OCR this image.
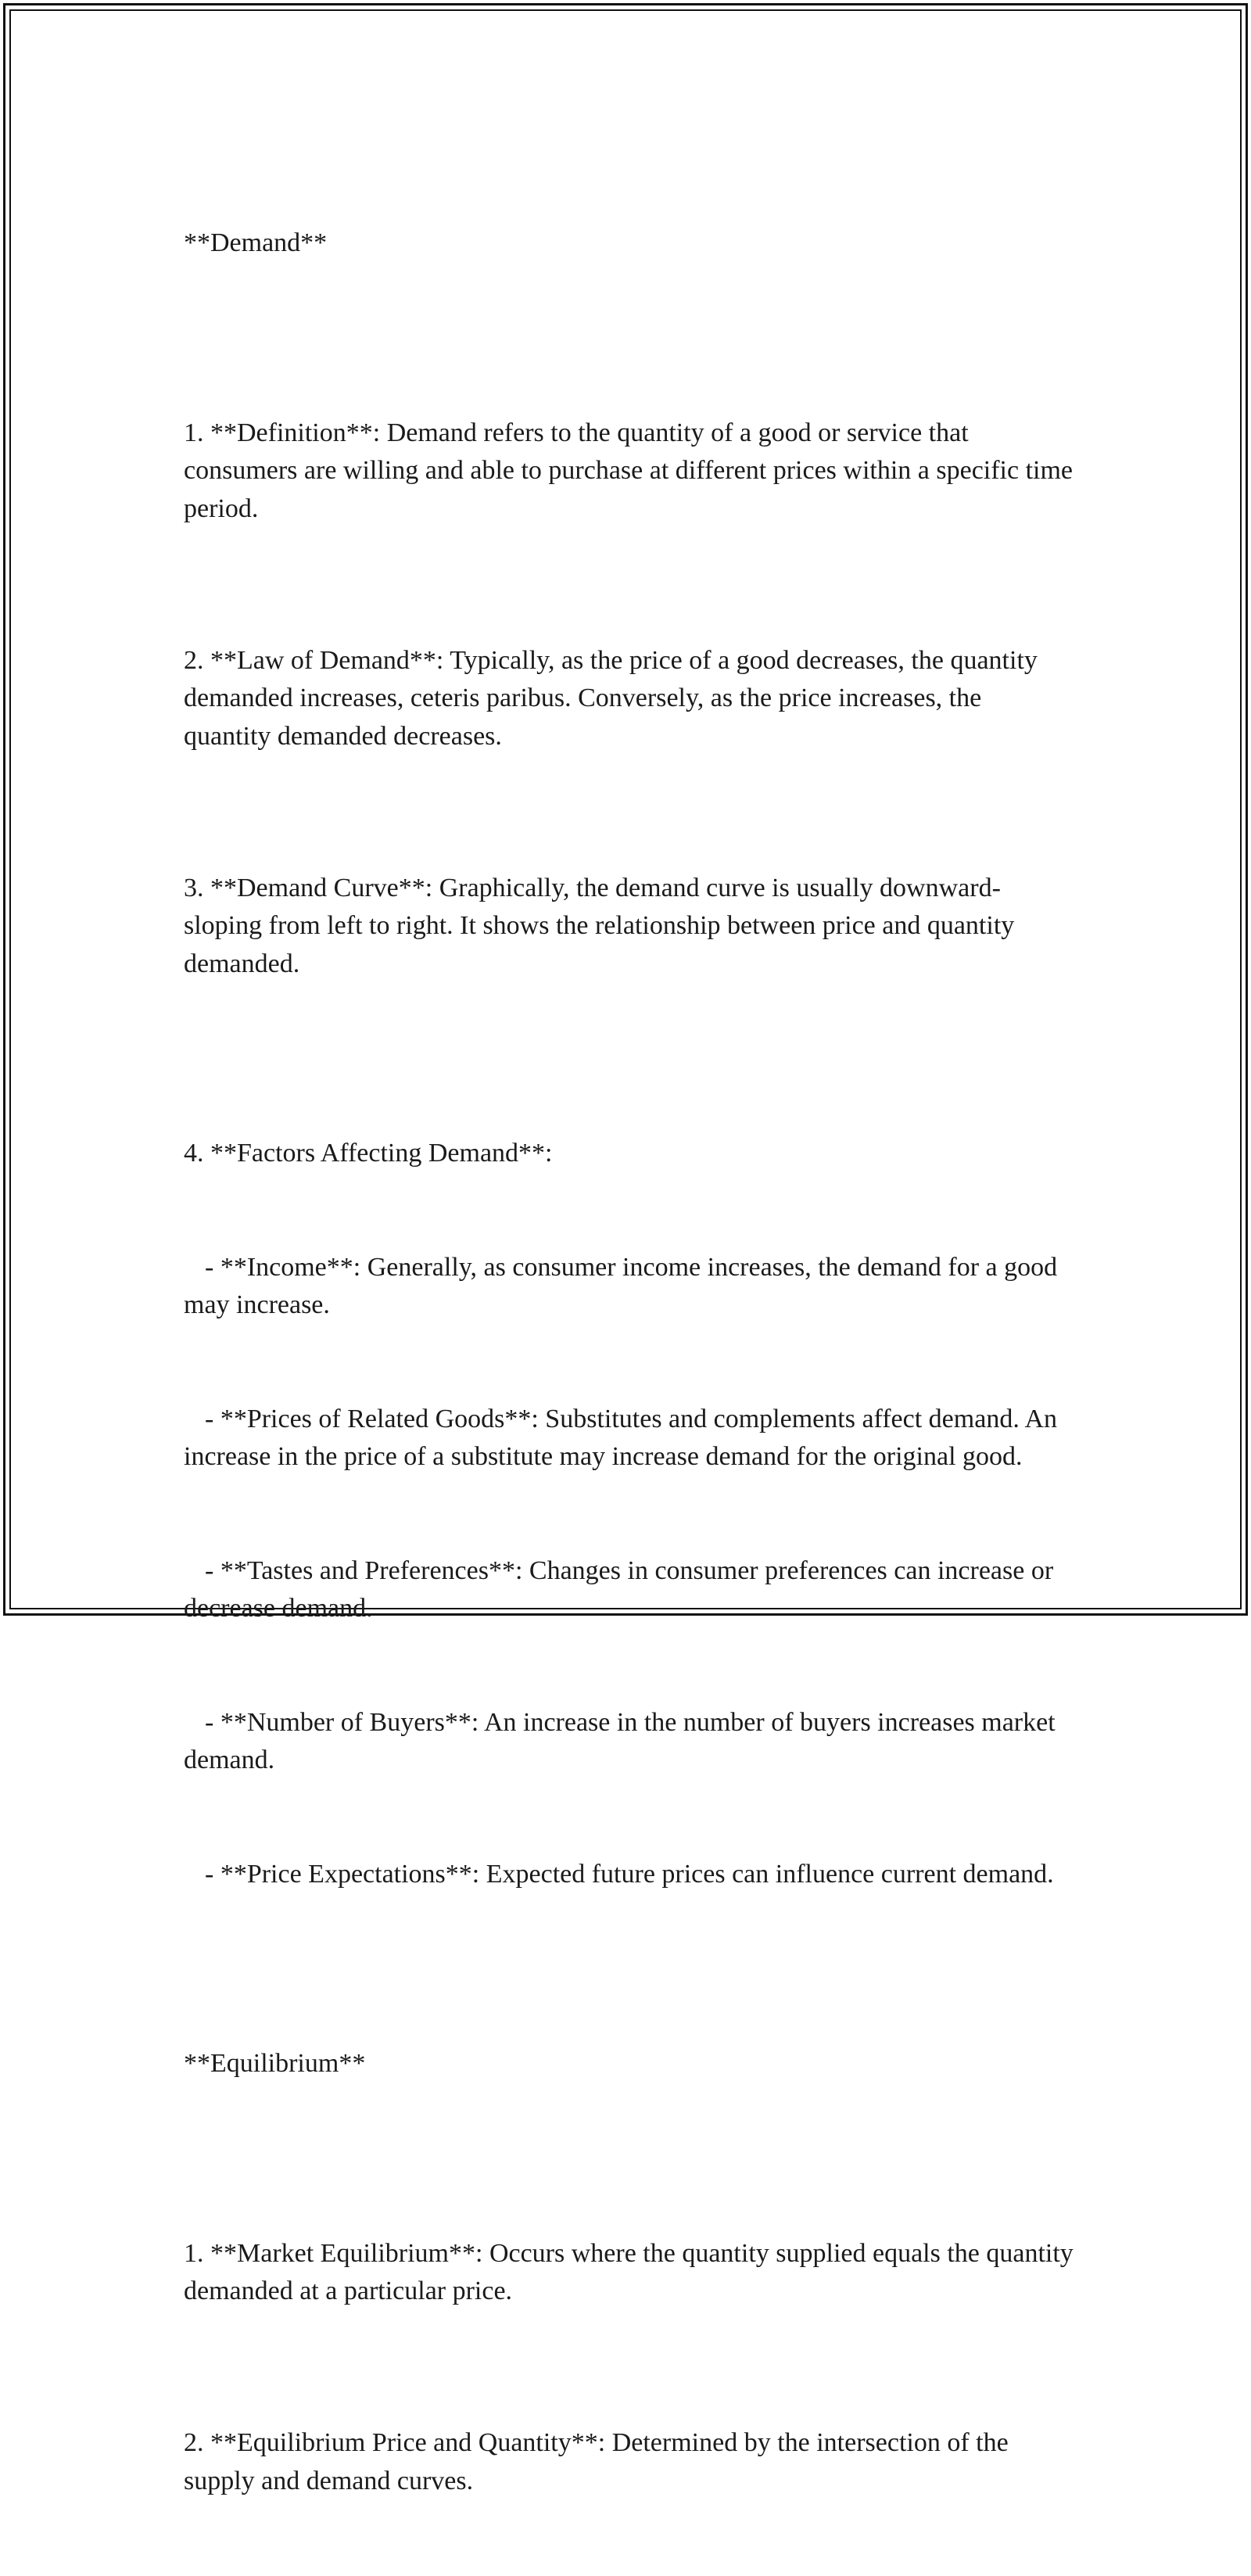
**Demand**

1. **Definition**: Demand refers to the quantity of a good or service that consumers are willing and able to purchase at different prices within a specific time period.

2. **Law of Demand**: Typically, as the price of a good decreases, the quantity demanded increases, ceteris paribus. Conversely, as the price increases, the quantity demanded decreases.

3. **Demand Curve**: Graphically, the demand curve is usually downward-sloping from left to right. It shows the relationship between price and quantity demanded.

4. **Factors Affecting Demand**:

- **Income**: Generally, as consumer income increases, the demand for a good may increase.

- **Prices of Related Goods**: Substitutes and complements affect demand. An increase in the price of a substitute may increase demand for the original good.

- **Tastes and Preferences**: Changes in consumer preferences can increase or decrease demand.

- **Number of Buyers**: An increase in the number of buyers increases market demand.

- **Price Expectations**: Expected future prices can influence current demand.

**Equilibrium**

1. **Market Equilibrium**: Occurs where the quantity supplied equals the quantity demanded at a particular price.

2. **Equilibrium Price and Quantity**: Determined by the intersection of the supply and demand curves.
